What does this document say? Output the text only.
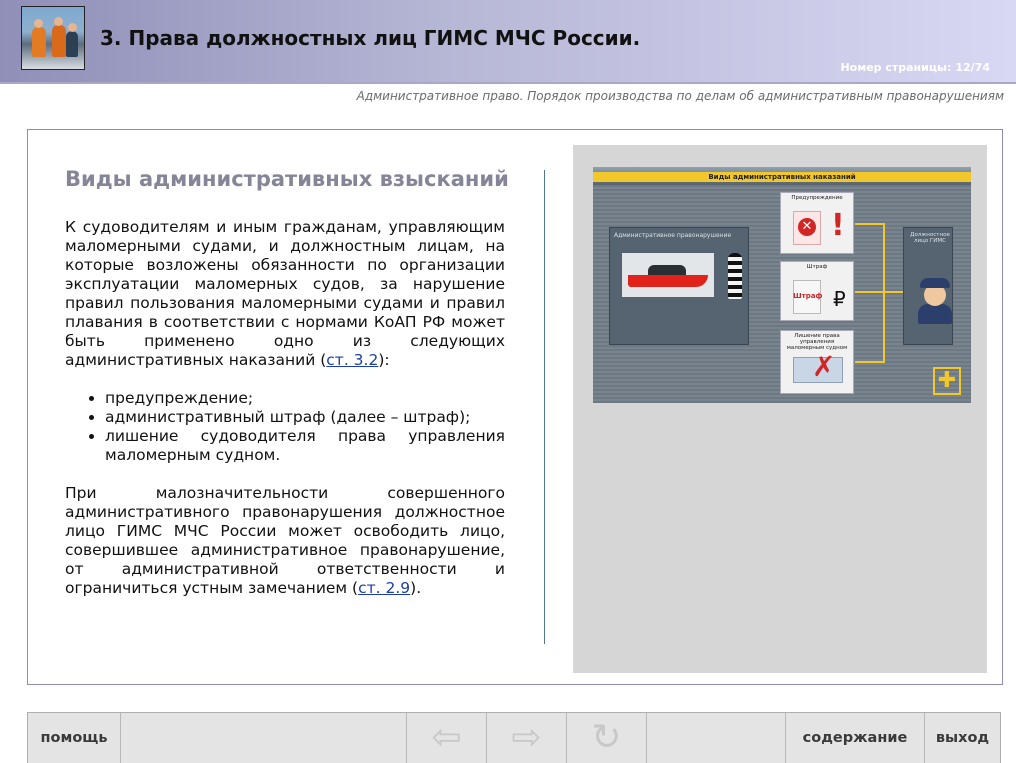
3. Права должностных лиц ГИМС МЧС России.
Номер страницы: 12/74
Административное право. Порядок производства по делам об административным правонарушениям
Виды административных взысканий

К судоводителям и иным гражданам, управляющим маломерными судами, и должностным лицам, на которые возложены обязанности по организации эксплуатации маломерных судов, за нарушение правил пользования маломерными судами и правил плавания в соответствии с нормами КоАП РФ может быть применено одно из следующих административных наказаний (ст. 3.2):

• предупреждение;
• административный штраф (далее – штраф);
• лишение судоводителя права управления маломерным судном.

При малозначительности совершенного административного правонарушения должностное лицо ГИМС МЧС России может освободить лицо, совершившее административное правонарушение, от административной ответственности и ограничиться устным замечанием (ст. 2.9).

Виды административных наказаний
Административное правонарушение
Предупреждение
✕ !
Штраф
Штраф ₽
Лишение права управления маломерным судном
✗
Должностное лицо ГИМС
✚
помощь	⇦	⇨	↻	содержание	выход
